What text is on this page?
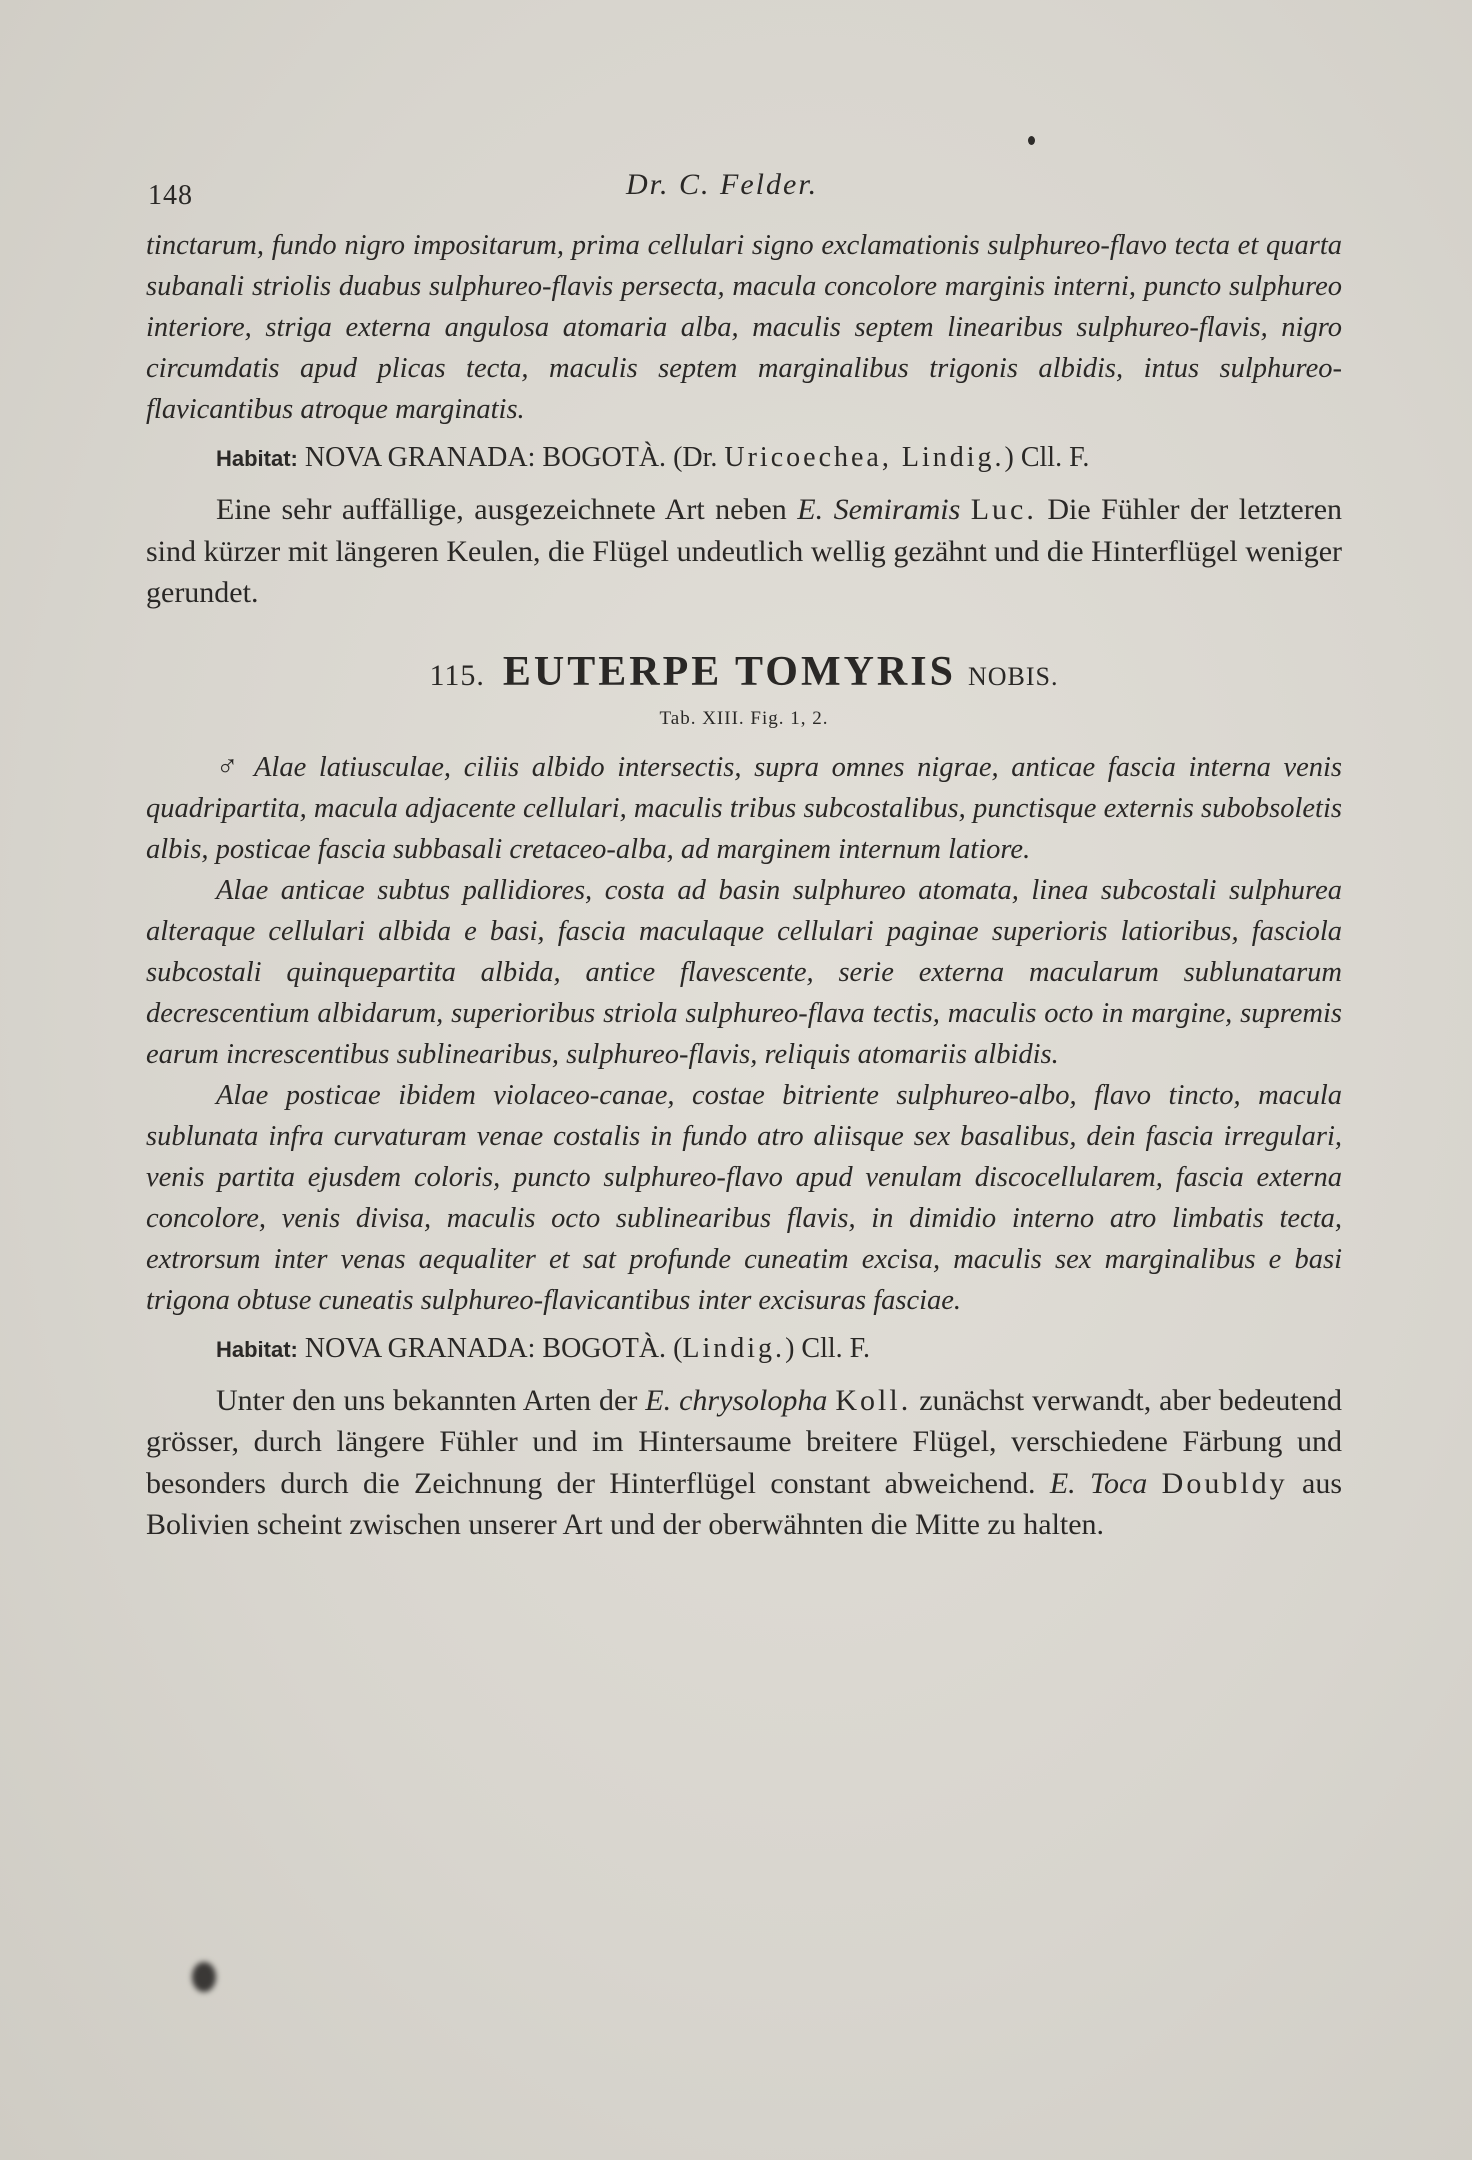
148	Dr. C. Felder.

tinctarum, fundo nigro impositarum, prima cellulari signo exclamationis sulphureo-flavo tecta et quarta subanali striolis duabus sulphureo-flavis persecta, macula concolore marginis interni, puncto sulphureo interiore, striga externa angulosa atomaria alba, maculis septem linearibus sulphureo-flavis, nigro circumdatis apud plicas tecta, maculis septem marginalibus trigonis albidis, intus sulphureo-flavicantibus atroque marginatis.

Habitat: NOVA GRANADA: BOGOTÀ. (Dr. Uricoechea, Lindig.) Cll. F.

Eine sehr auffällige, ausgezeichnete Art neben E. Semiramis Luc. Die Fühler der letzteren sind kürzer mit längeren Keulen, die Flügel undeutlich wellig gezähnt und die Hinterflügel weniger gerundet.

115. EUTERPE TOMYRIS NOBIS.
Tab. XIII. Fig. 1, 2.

♂ Alae latiusculae, ciliis albido intersectis, supra omnes nigrae, anticae fascia interna venis quadripartita, macula adjacente cellulari, maculis tribus subcostalibus, punctisque externis subobsoletis albis, posticae fascia subbasali cretaceo-alba, ad marginem internum latiore.

Alae anticae subtus pallidiores, costa ad basin sulphureo atomata, linea subcostali sulphurea alteraque cellulari albida e basi, fascia maculaque cellulari paginae superioris latioribus, fasciola subcostali quinquepartita albida, antice flavescente, serie externa macularum sublunatarum decrescentium albidarum, superioribus striola sulphureo-flava tectis, maculis octo in margine, supremis earum increscentibus sublinearibus, sulphureo-flavis, reliquis atomariis albidis.

Alae posticae ibidem violaceo-canae, costae bitriente sulphureo-albo, flavo tincto, macula sublunata infra curvaturam venae costalis in fundo atro aliisque sex basalibus, dein fascia irregulari, venis partita ejusdem coloris, puncto sulphureo-flavo apud venulam discocellularem, fascia externa concolore, venis divisa, maculis octo sublinearibus flavis, in dimidio interno atro limbatis tecta, extrorsum inter venas aequaliter et sat profunde cuneatim excisa, maculis sex marginalibus e basi trigona obtuse cuneatis sulphureo-flavicantibus inter excisuras fasciae.

Habitat: NOVA GRANADA: BOGOTÀ. (Lindig.) Cll. F.

Unter den uns bekannten Arten der E. chrysolopha Koll. zunächst verwandt, aber bedeutend grösser, durch längere Fühler und im Hintersaume breitere Flügel, verschiedene Färbung und besonders durch die Zeichnung der Hinterflügel constant abweichend. E. Toca Doubldy aus Bolivien scheint zwischen unserer Art und der oberwähnten die Mitte zu halten.
